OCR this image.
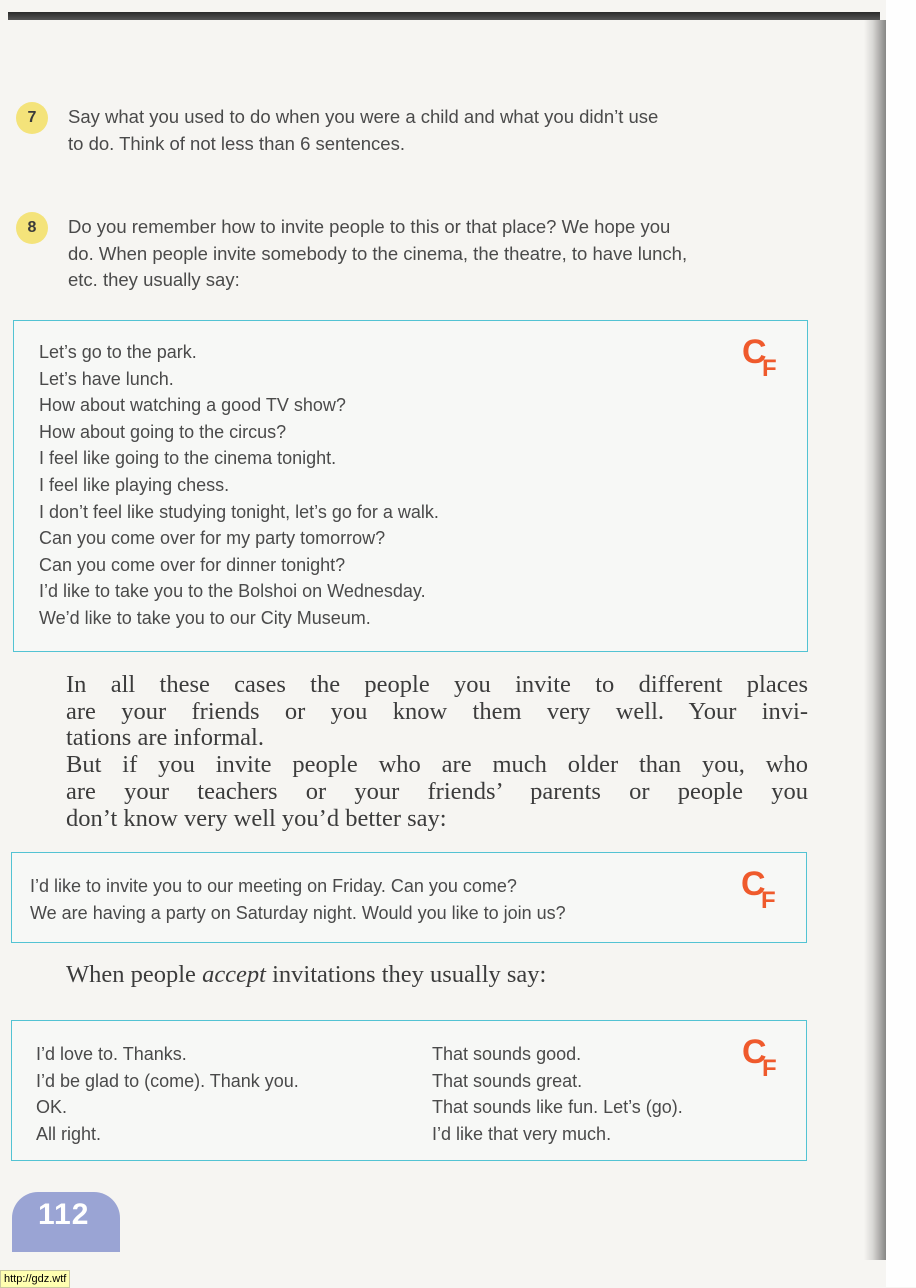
7	Say what you used to do when you were a child and what you didn’t use
to do. Think of not less than 6 sentences.
8	Do you remember how to invite people to this or that place? We hope you
do. When people invite somebody to the cinema, the theatre, to have lunch,
etc. they usually say:
Let’s go to the park.
Let’s have lunch.
How about watching a good TV show?
How about going to the circus?
I feel like going to the cinema tonight.
I feel like playing chess.
I don’t feel like studying tonight, let’s go for a walk.
Can you come over for my party tomorrow?
Can you come over for dinner tonight?
I’d like to take you to the Bolshoi on Wednesday.
We’d like to take you to our City Museum.
C
F
In all these cases the people you invite to different places
are your friends or you know them very well. Your invi-
tations are informal.
But if you invite people who are much older than you, who
are your teachers or your friends’ parents or people you
don’t know very well you’d better say:
I’d like to invite you to our meeting on Friday. Can you come?
We are having a party on Saturday night. Would you like to join us?
C
F
When people accept invitations they usually say:
I’d love to. Thanks.
I’d be glad to (come). Thank you.
OK.
All right.
That sounds good.
That sounds great.
That sounds like fun. Let’s (go).
I’d like that very much.
C
F
112
http://gdz.wtf
